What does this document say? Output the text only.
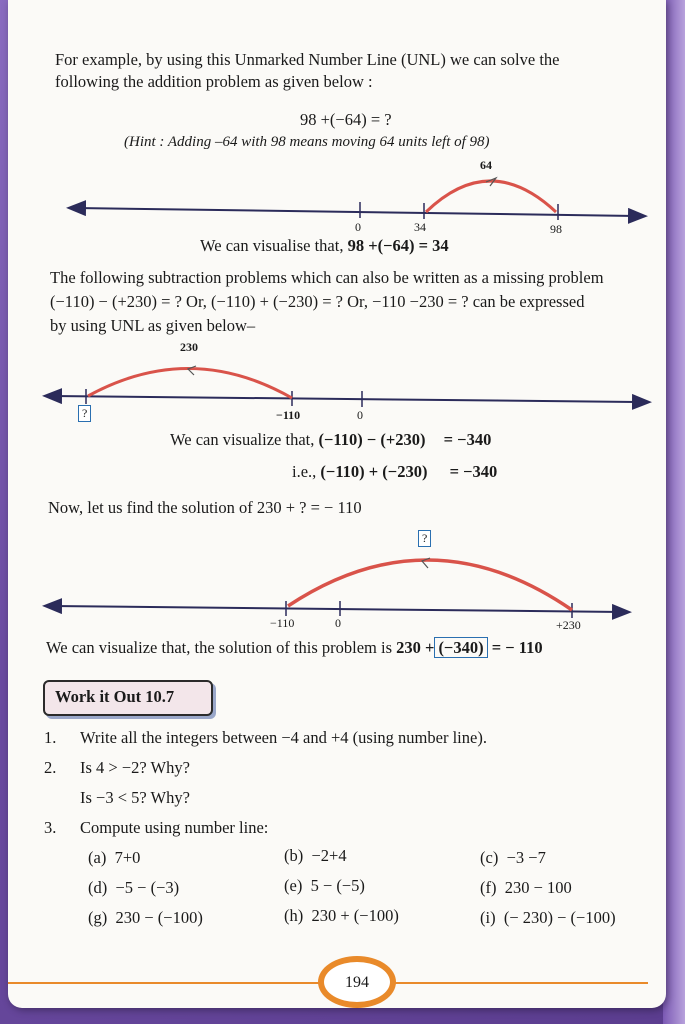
For example, by using this Unmarked Number Line (UNL) we can solve the
following the addition problem as given below :
98 +(−64) = ?
(Hint : Adding –64 with 98 means moving 64 units left of 98)
64
0	34	98
We can visualise that, 98 +(−64) = 34
The following subtraction problems which can also be written as a missing problem
(−110) − (+230) = ? Or, (−110) + (−230) = ? Or, −110 −230 = ? can be expressed
by using UNL as given below–
230
?	−110	0
We can visualize that, (−110) − (+230) = −340
i.e., (−110) + (−230) = −340
Now, let us find the solution of 230 + ? = − 110
?
−110	0	+230
We can visualize that, the solution of this problem is 230 + (−340) = − 110
Work it Out 10.7
1. Write all the integers between −4 and +4 (using number line).
2. Is 4 > −2? Why?
Is −3 < 5? Why?
3. Compute using number line:
(a) 7+0	(b) −2+4	(c) −3 −7
(d) −5 − (−3)	(e) 5 − (−5)	(f) 230 − 100
(g) 230 − (−100)	(h) 230 + (−100)	(i) (− 230) − (−100)
194
